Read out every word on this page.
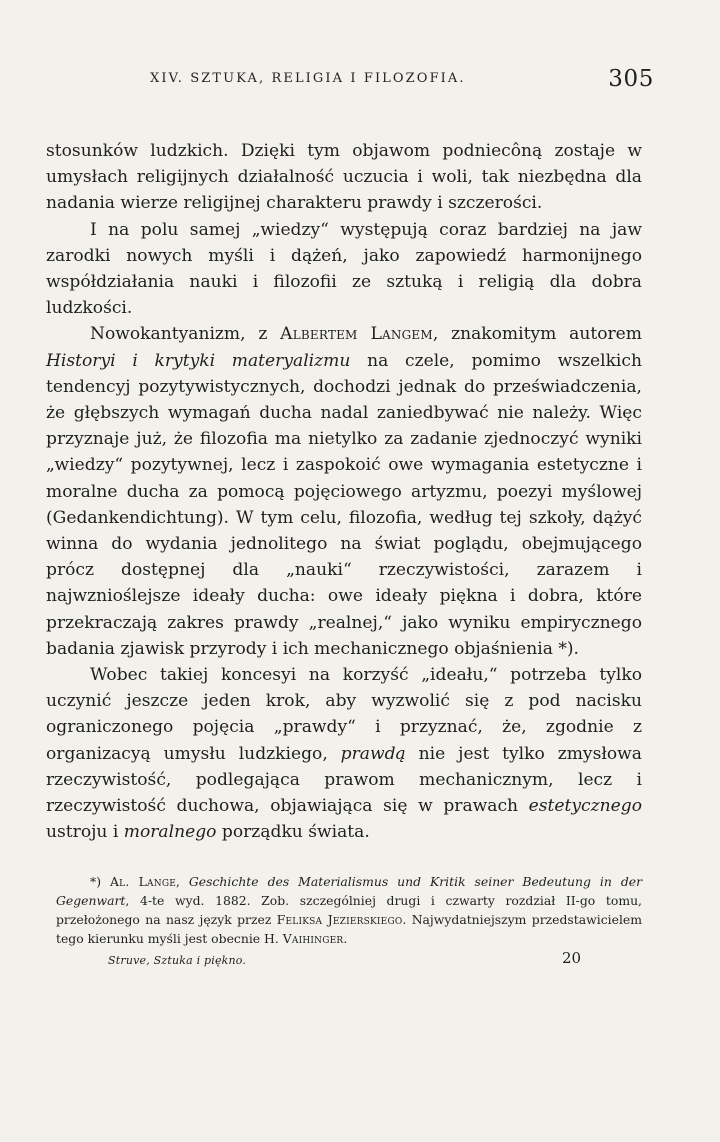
XIV. SZTUKA, RELIGIA I FILOZOFIA.	305

stosunków ludzkich. Dzięki tym objawom podniecôną zostaje w umysłach religijnych działalność uczucia i woli, tak niezbędna dla nadania wierze religijnej charakteru prawdy i szczerości.

I na polu samej „wiedzy“ występują coraz bardziej na jaw zarodki nowych myśli i dążeń, jako zapowiedź harmonijnego współdziałania nauki i filozofii ze sztuką i religią dla dobra ludzkości.

Nowokantyanizm, z Albertem Langem, znakomitym autorem Historyi i krytyki materyalizmu na czele, pomimo wszelkich tendencyj pozytywistycznych, dochodzi jednak do przeświadczenia, że głębszych wymagań ducha nadal zaniedbywać nie należy. Więc przyznaje już, że filozofia ma nietylko za zadanie zjednoczyć wyniki „wiedzy“ pozytywnej, lecz i zaspokoić owe wymagania estetyczne i moralne ducha za pomocą pojęciowego artyzmu, poezyi myślowej (Gedankendichtung). W tym celu, filozofia, według tej szkoły, dążyć winna do wydania jednolitego na świat poglądu, obejmującego prócz dostępnej dla „nauki“ rzeczywistości, zarazem i najwznioślejsze ideały ducha: owe ideały piękna i dobra, które przekraczają zakres prawdy „realnej,“ jako wyniku empirycznego badania zjawisk przyrody i ich mechanicznego objaśnienia *).

Wobec takiej koncesyi na korzyść „ideału,“ potrzeba tylko uczynić jeszcze jeden krok, aby wyzwolić się z pod nacisku ograniczonego pojęcia „prawdy“ i przyznać, że, zgodnie z organizacyą umysłu ludzkiego, prawdą nie jest tylko zmysłowa rzeczywistość, podlegająca prawom mechanicznym, lecz i rzeczywistość duchowa, objawiająca się w prawach estetycznego ustroju i moralnego porządku świata.

*) Al. Lange, Geschichte des Materialismus und Kritik seiner Bedeutung in der Gegenwart, 4-te wyd. 1882. Zob. szczególniej drugi i czwarty rozdział II-go tomu, przełożonego na nasz język przez Feliksa Jezierskiego. Najwydatniejszym przedstawicielem tego kierunku myśli jest obecnie H. Vaihinger.

Struve, Sztuka i piękno.	20
